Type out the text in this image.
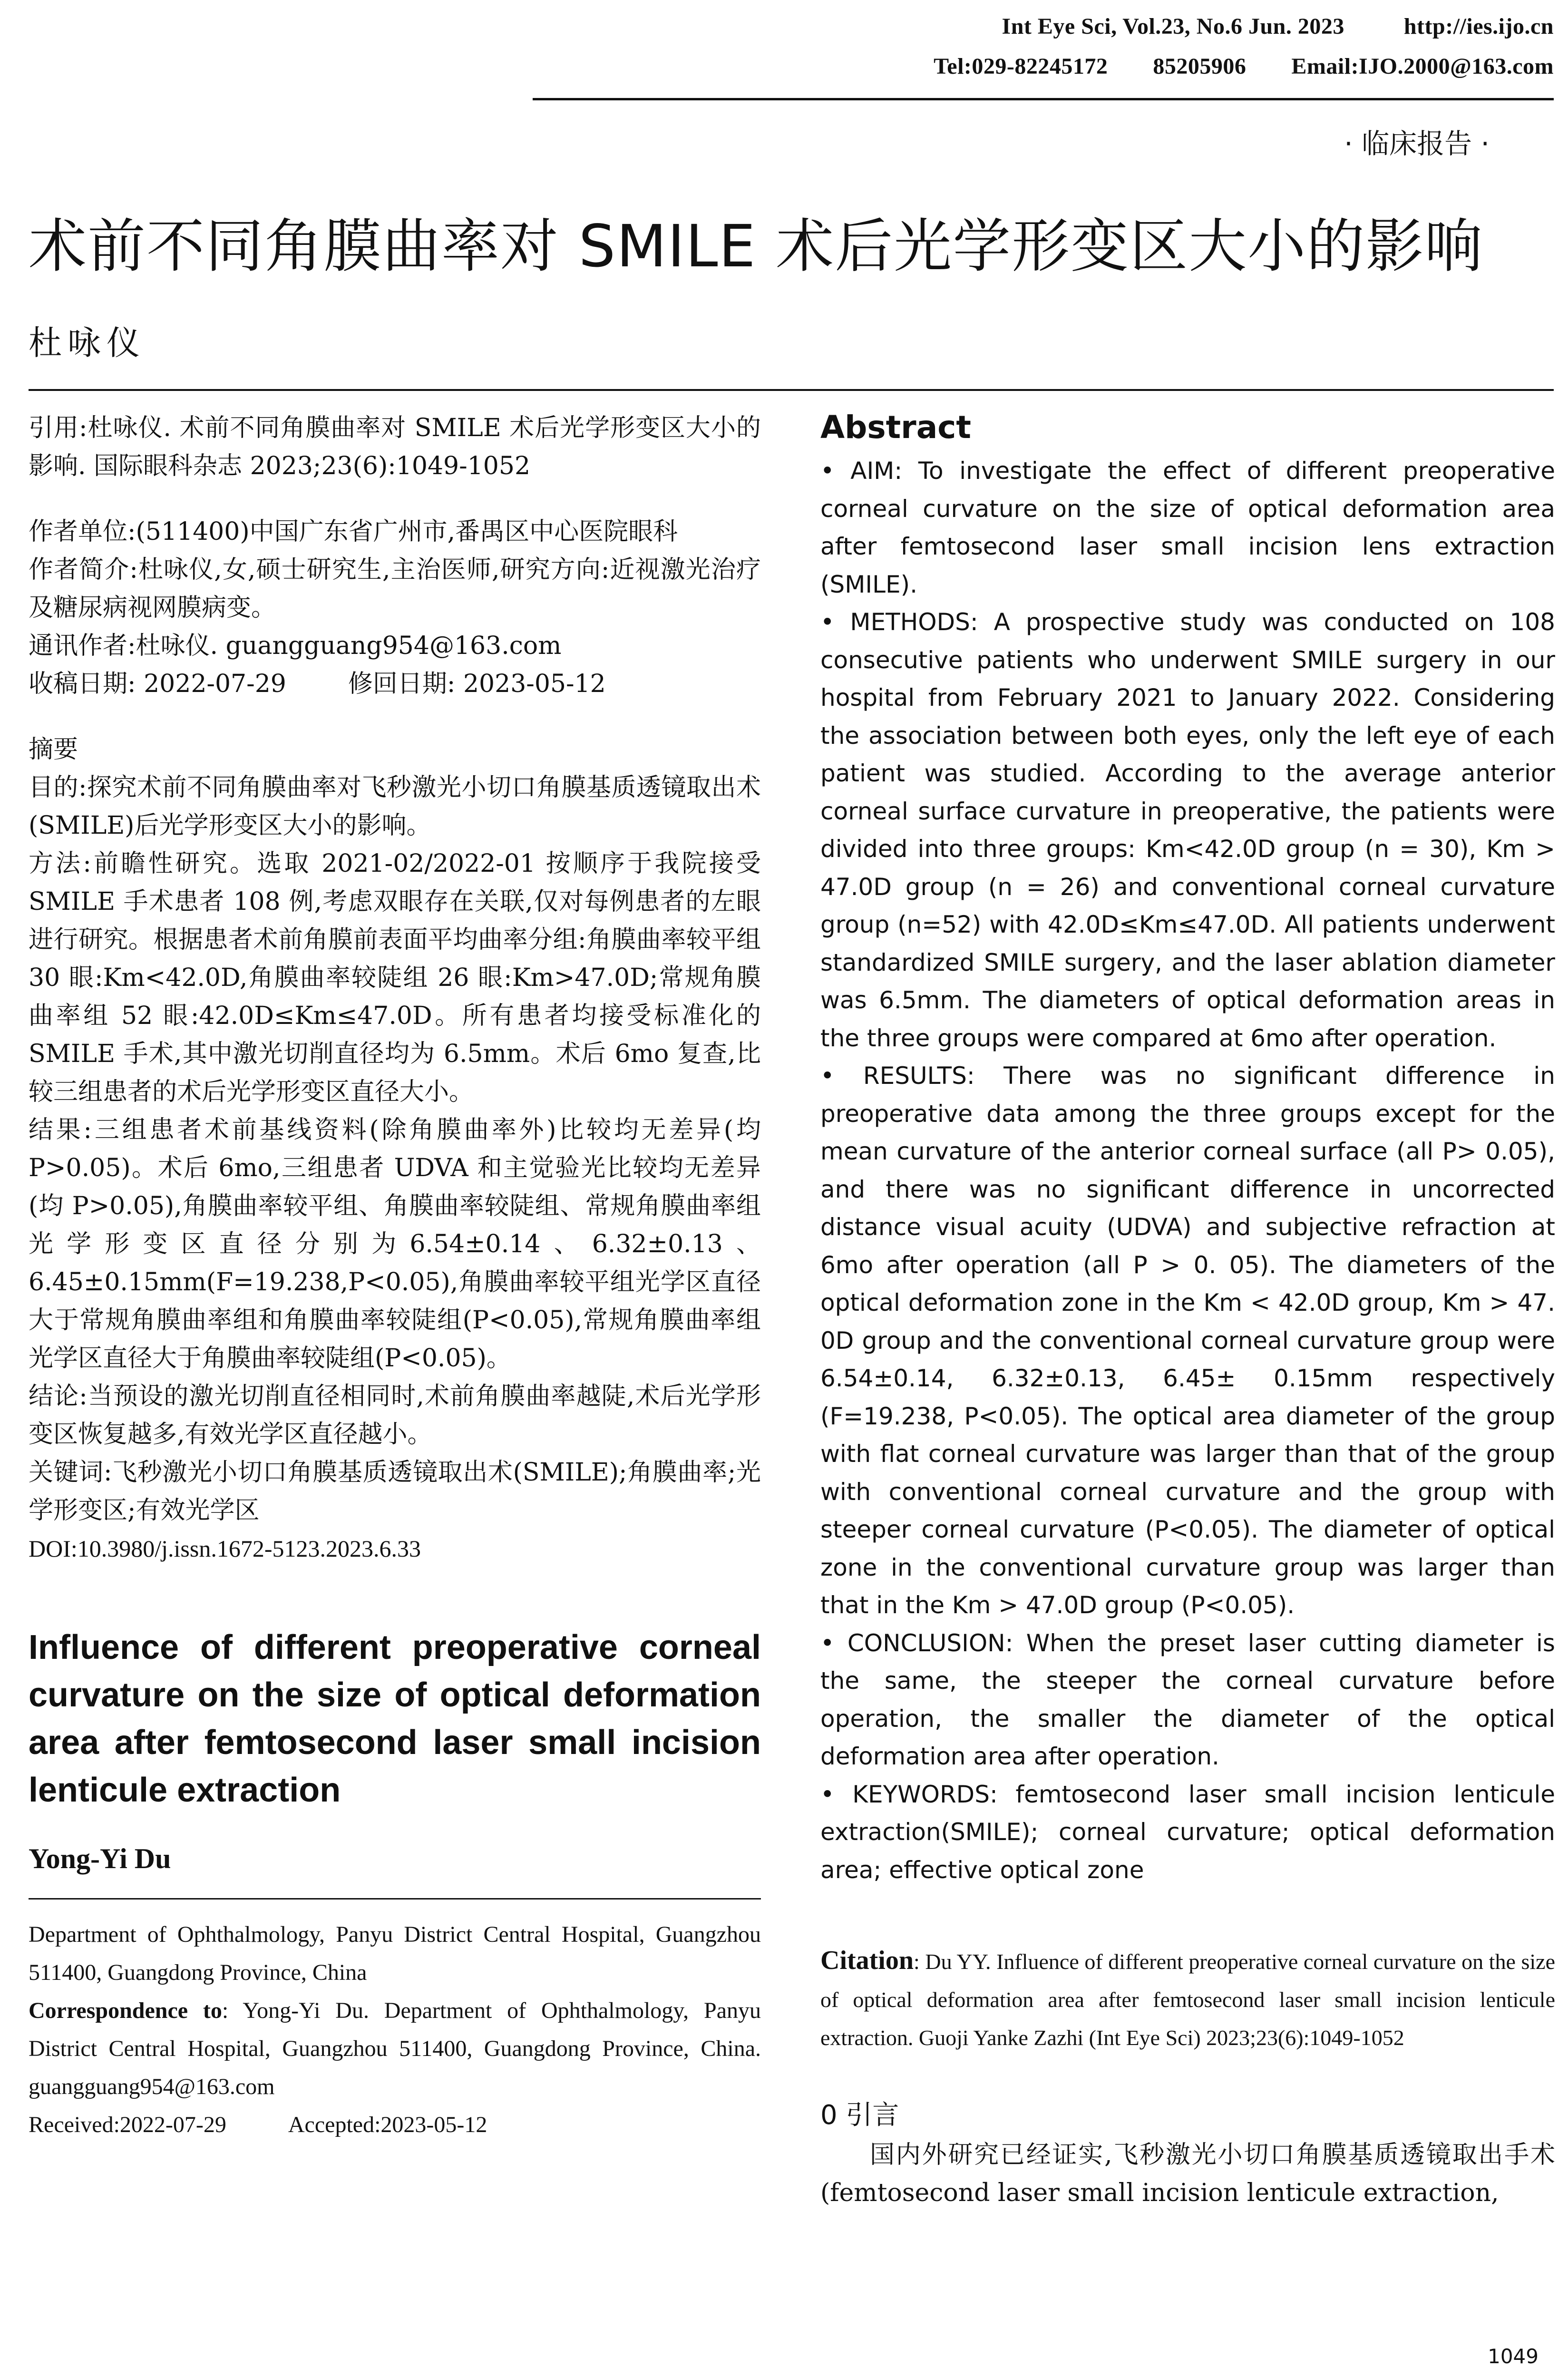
Int Eye Sci, Vol.23, No.6 Jun. 2023	http://ies.ijo.cn
Tel:029-82245172 85205906 Email:IJO.2000@163.com
· 临床报告 ·
术前不同角膜曲率对 SMILE 术后光学形变区大小的影响
杜咏仪

引用:杜咏仪. 术前不同角膜曲率对 SMILE 术后光学形变区大小的影响. 国际眼科杂志 2023;23(6):1049-1052

作者单位:(511400)中国广东省广州市,番禺区中心医院眼科

作者简介:杜咏仪,女,硕士研究生,主治医师,研究方向:近视激光治疗及糖尿病视网膜病变。

通讯作者:杜咏仪. guangguang954@163.com

收稿日期: 2022-07-29	修回日期: 2023-05-12

摘要

目的:探究术前不同角膜曲率对飞秒激光小切口角膜基质透镜取出术(SMILE)后光学形变区大小的影响。

方法:前瞻性研究。选取 2021-02/2022-01 按顺序于我院接受 SMILE 手术患者 108 例,考虑双眼存在关联,仅对每例患者的左眼进行研究。根据患者术前角膜前表面平均曲率分组:角膜曲率较平组 30 眼:Km<42.0D,角膜曲率较陡组 26 眼:Km>47.0D;常规角膜曲率组 52 眼:42.0D≤Km≤47.0D。所有患者均接受标准化的 SMILE 手术,其中激光切削直径均为 6.5mm。术后 6mo 复查,比较三组患者的术后光学形变区直径大小。

结果:三组患者术前基线资料(除角膜曲率外)比较均无差异(均 P>0.05)。术后 6mo,三组患者 UDVA 和主觉验光比较均无差异(均 P>0.05),角膜曲率较平组、角膜曲率较陡组、常规角膜曲率组光学形变区直径分别为6.54±0.14、6.32±0.13、6.45±0.15mm(F=19.238,P<0.05),角膜曲率较平组光学区直径大于常规角膜曲率组和角膜曲率较陡组(P<0.05),常规角膜曲率组光学区直径大于角膜曲率较陡组(P<0.05)。

结论:当预设的激光切削直径相同时,术前角膜曲率越陡,术后光学形变区恢复越多,有效光学区直径越小。

关键词:飞秒激光小切口角膜基质透镜取出术(SMILE);角膜曲率;光学形变区;有效光学区

DOI:10.3980/j.issn.1672-5123.2023.6.33

Influence of different preoperative corneal curvature on the size of optical deformation area after femtosecond laser small incision lenticule extraction
Yong-Yi Du

Department of Ophthalmology, Panyu District Central Hospital, Guangzhou 511400, Guangdong Province, China

Correspondence to: Yong-Yi Du. Department of Ophthalmology, Panyu District Central Hospital, Guangzhou 511400, Guangdong Province, China. guangguang954@163.com

Received:2022-07-29	Accepted:2023-05-12

Abstract

• AIM: To investigate the effect of different preoperative corneal curvature on the size of optical deformation area after femtosecond laser small incision lens extraction (SMILE).

• METHODS: A prospective study was conducted on 108 consecutive patients who underwent SMILE surgery in our hospital from February 2021 to January 2022. Considering the association between both eyes, only the left eye of each patient was studied. According to the average anterior corneal surface curvature in preoperative, the patients were divided into three groups: Km<42.0D group (n = 30), Km > 47.0D group (n = 26) and conventional corneal curvature group (n=52) with 42.0D≤Km≤47.0D. All patients underwent standardized SMILE surgery, and the laser ablation diameter was 6.5mm. The diameters of optical deformation areas in the three groups were compared at 6mo after operation.

• RESULTS: There was no significant difference in preoperative data among the three groups except for the mean curvature of the anterior corneal surface (all P> 0.05), and there was no significant difference in uncorrected distance visual acuity (UDVA) and subjective refraction at 6mo after operation (all P > 0. 05). The diameters of the optical deformation zone in the Km < 42.0D group, Km > 47. 0D group and the conventional corneal curvature group were 6.54±0.14, 6.32±0.13, 6.45± 0.15mm respectively (F=19.238, P<0.05). The optical area diameter of the group with flat corneal curvature was larger than that of the group with conventional corneal curvature and the group with steeper corneal curvature (P<0.05). The diameter of optical zone in the conventional curvature group was larger than that in the Km > 47.0D group (P<0.05).

• CONCLUSION: When the preset laser cutting diameter is the same, the steeper the corneal curvature before operation, the smaller the diameter of the optical deformation area after operation.

• KEYWORDS: femtosecond laser small incision lenticule extraction(SMILE); corneal curvature; optical deformation area; effective optical zone

Citation: Du YY. Influence of different preoperative corneal curvature on the size of optical deformation area after femtosecond laser small incision lenticule extraction. Guoji Yanke Zazhi (Int Eye Sci) 2023;23(6):1049-1052
0 引言
国内外研究已经证实,飞秒激光小切口角膜基质透镜取出手术(femtosecond laser small incision lenticule extraction,
1049
